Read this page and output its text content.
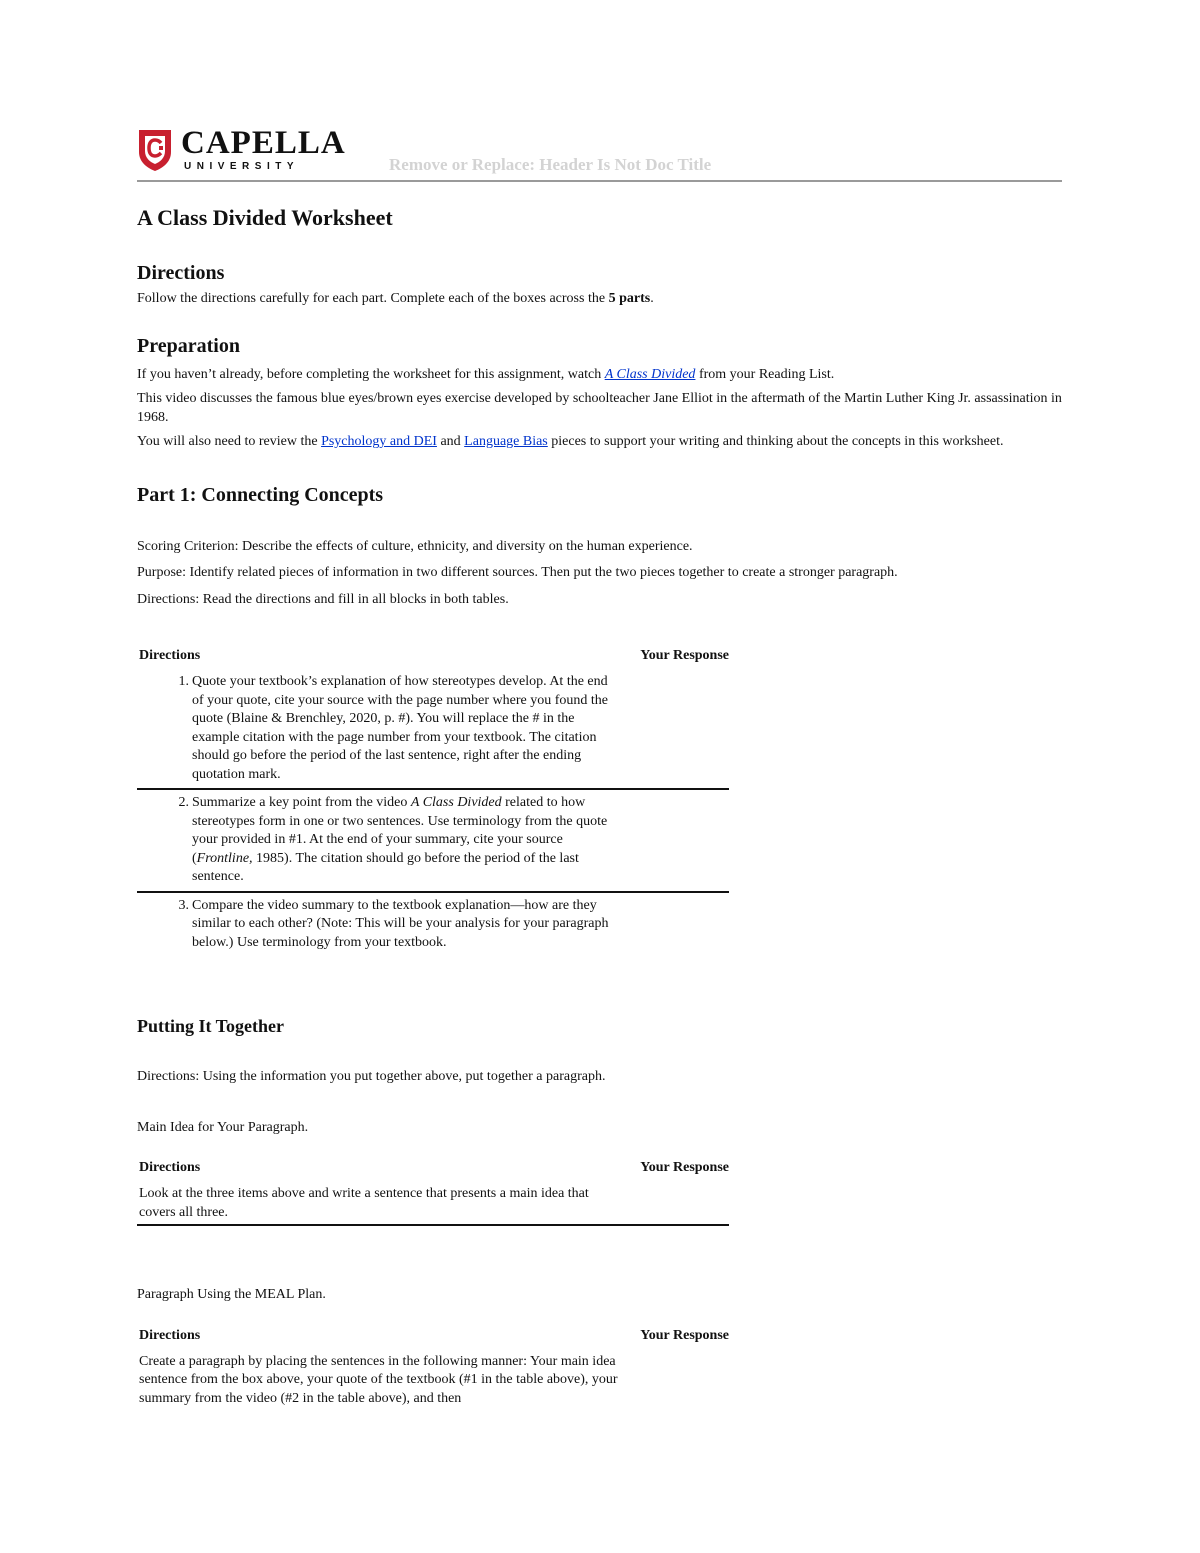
CAPELLA
UNIVERSITY	Remove or Replace: Header Is Not Doc Title
A Class Divided Worksheet
Directions

Follow the directions carefully for each part. Complete each of the boxes across the 5 parts.

Preparation

If you haven’t already, before completing the worksheet for this assignment, watch A Class Divided from your Reading List.

This video discusses the famous blue eyes/brown eyes exercise developed by schoolteacher Jane Elliot in the aftermath of the Martin Luther King Jr. assassination in 1968.

You will also need to review the Psychology and DEI and Language Bias pieces to support your writing and thinking about the concepts in this worksheet.

Part 1: Connecting Concepts

Scoring Criterion: Describe the effects of culture, ethnicity, and diversity on the human experience.

Purpose: Identify related pieces of information in two different sources. Then put the two pieces together to create a stronger paragraph.

Directions: Read the directions and fill in all blocks in both tables.

Directions	Your Response
1. Quote your textbook’s explanation of how stereotypes develop. At the end of your quote, cite your source with the page number where you found the quote (Blaine & Brenchley, 2020, p. #). You will replace the # in the example citation with the page number from your textbook. The citation should go before the period of the last sentence, right after the ending quotation mark.
2. Summarize a key point from the video A Class Divided related to how stereotypes form in one or two sentences. Use terminology from the quote your provided in #1. At the end of your summary, cite your source (Frontline, 1985). The citation should go before the period of the last sentence.
3. Compare the video summary to the textbook explanation—how are they similar to each other? (Note: This will be your analysis for your paragraph below.) Use terminology from your textbook.
Putting It Together

Directions: Using the information you put together above, put together a paragraph.

Main Idea for Your Paragraph.

Directions	Your Response
Look at the three items above and write a sentence that presents a main idea that covers all three.

Paragraph Using the MEAL Plan.

Directions	Your Response
Create a paragraph by placing the sentences in the following manner: Your main idea sentence from the box above, your quote of the textbook (#1 in the table above), your summary from the video (#2 in the table above), and then
